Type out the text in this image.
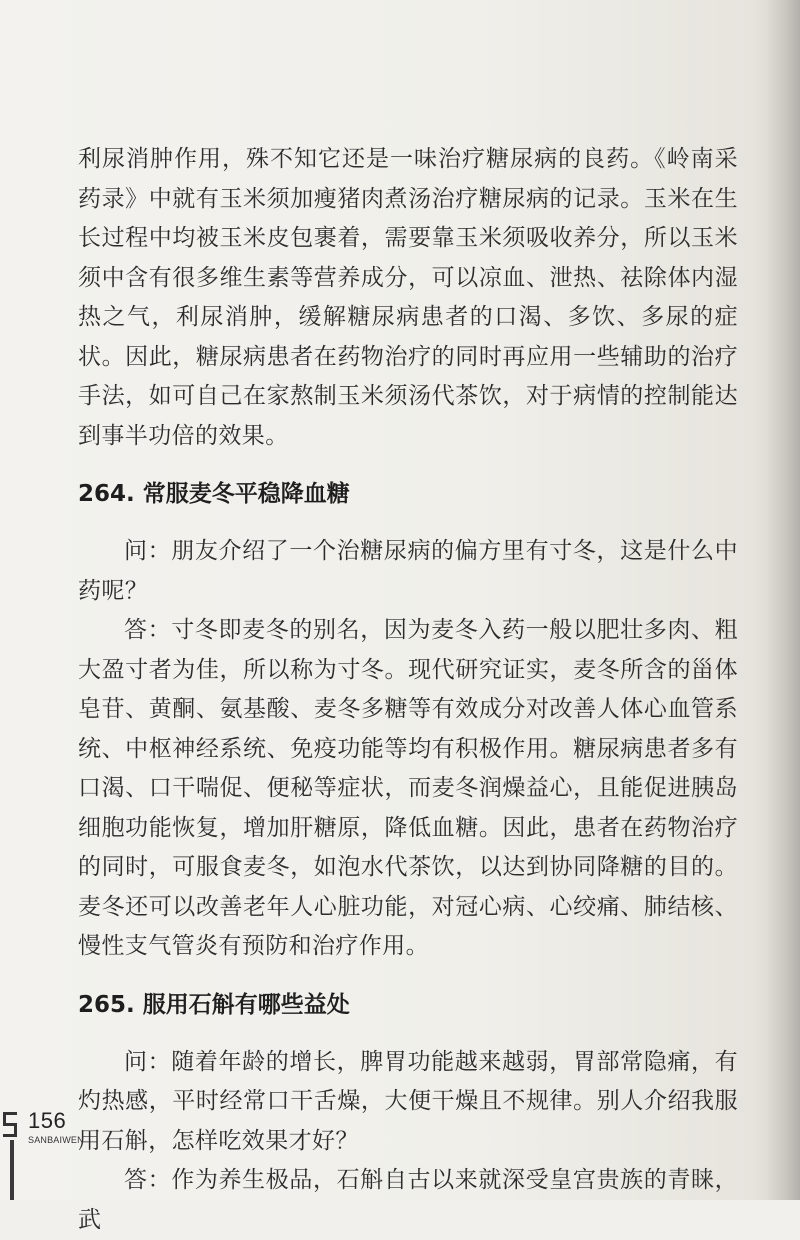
利尿消肿作用，殊不知它还是一味治疗糖尿病的良药。《岭南采药录》中就有玉米须加瘦猪肉煮汤治疗糖尿病的记录。玉米在生长过程中均被玉米皮包裹着，需要靠玉米须吸收养分，所以玉米须中含有很多维生素等营养成分，可以凉血、泄热、祛除体内湿热之气，利尿消肿，缓解糖尿病患者的口渴、多饮、多尿的症状。因此，糖尿病患者在药物治疗的同时再应用一些辅助的治疗手法，如可自己在家熬制玉米须汤代茶饮，对于病情的控制能达到事半功倍的效果。

264. 常服麦冬平稳降血糖

问：朋友介绍了一个治糖尿病的偏方里有寸冬，这是什么中药呢？

答：寸冬即麦冬的别名，因为麦冬入药一般以肥壮多肉、粗大盈寸者为佳，所以称为寸冬。现代研究证实，麦冬所含的甾体皂苷、黄酮、氨基酸、麦冬多糖等有效成分对改善人体心血管系统、中枢神经系统、免疫功能等均有积极作用。糖尿病患者多有口渴、口干喘促、便秘等症状，而麦冬润燥益心，且能促进胰岛细胞功能恢复，增加肝糖原，降低血糖。因此，患者在药物治疗的同时，可服食麦冬，如泡水代茶饮，以达到协同降糖的目的。麦冬还可以改善老年人心脏功能，对冠心病、心绞痛、肺结核、慢性支气管炎有预防和治疗作用。

265. 服用石斛有哪些益处

问：随着年龄的增长，脾胃功能越来越弱，胃部常隐痛，有灼热感，平时经常口干舌燥，大便干燥且不规律。别人介绍我服用石斛，怎样吃效果才好？

答：作为养生极品，石斛自古以来就深受皇宫贵族的青睐，武

156
SANBAIWEN
